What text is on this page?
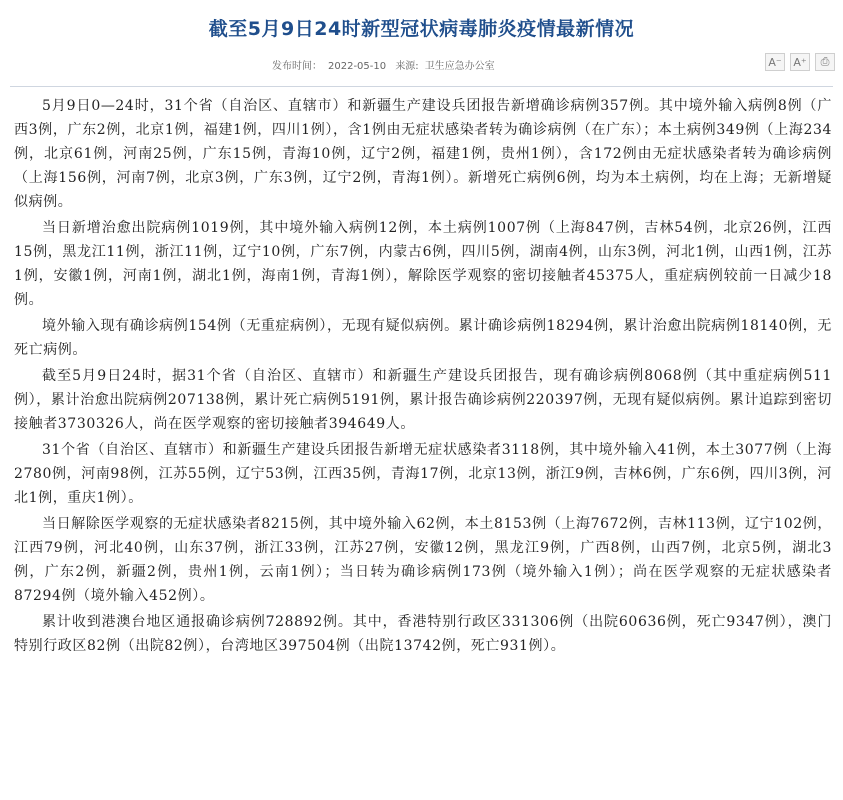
截至5月9日24时新型冠状病毒肺炎疫情最新情况
发布时间： 2022-05-10 来源: 卫生应急办公室	A⁻ A⁺ ⎙

5月9日0—24时，31个省（自治区、直辖市）和新疆生产建设兵团报告新增确诊病例357例。其中境外输入病例8例（广西3例，广东2例，北京1例，福建1例，四川1例），含1例由无症状感染者转为确诊病例（在广东）；本土病例349例（上海234例，北京61例，河南25例，广东15例，青海10例，辽宁2例，福建1例，贵州1例），含172例由无症状感染者转为确诊病例（上海156例，河南7例，北京3例，广东3例，辽宁2例，青海1例）。新增死亡病例6例，均为本土病例，均在上海；无新增疑似病例。

当日新增治愈出院病例1019例，其中境外输入病例12例，本土病例1007例（上海847例，吉林54例，北京26例，江西15例，黑龙江11例，浙江11例，辽宁10例，广东7例，内蒙古6例，四川5例，湖南4例，山东3例，河北1例，山西1例，江苏1例，安徽1例，河南1例，湖北1例，海南1例，青海1例），解除医学观察的密切接触者45375人，重症病例较前一日减少18例。

境外输入现有确诊病例154例（无重症病例），无现有疑似病例。累计确诊病例18294例，累计治愈出院病例18140例，无死亡病例。

截至5月9日24时，据31个省（自治区、直辖市）和新疆生产建设兵团报告，现有确诊病例8068例（其中重症病例511例），累计治愈出院病例207138例，累计死亡病例5191例，累计报告确诊病例220397例，无现有疑似病例。累计追踪到密切接触者3730326人，尚在医学观察的密切接触者394649人。

31个省（自治区、直辖市）和新疆生产建设兵团报告新增无症状感染者3118例，其中境外输入41例，本土3077例（上海2780例，河南98例，江苏55例，辽宁53例，江西35例，青海17例，北京13例，浙江9例，吉林6例，广东6例，四川3例，河北1例，重庆1例）。

当日解除医学观察的无症状感染者8215例，其中境外输入62例，本土8153例（上海7672例，吉林113例，辽宁102例，江西79例，河北40例，山东37例，浙江33例，江苏27例，安徽12例，黑龙江9例，广西8例，山西7例，北京5例，湖北3例，广东2例，新疆2例，贵州1例，云南1例）；当日转为确诊病例173例（境外输入1例）；尚在医学观察的无症状感染者87294例（境外输入452例）。

累计收到港澳台地区通报确诊病例728892例。其中，香港特别行政区331306例（出院60636例，死亡9347例），澳门特别行政区82例（出院82例），台湾地区397504例（出院13742例，死亡931例）。
